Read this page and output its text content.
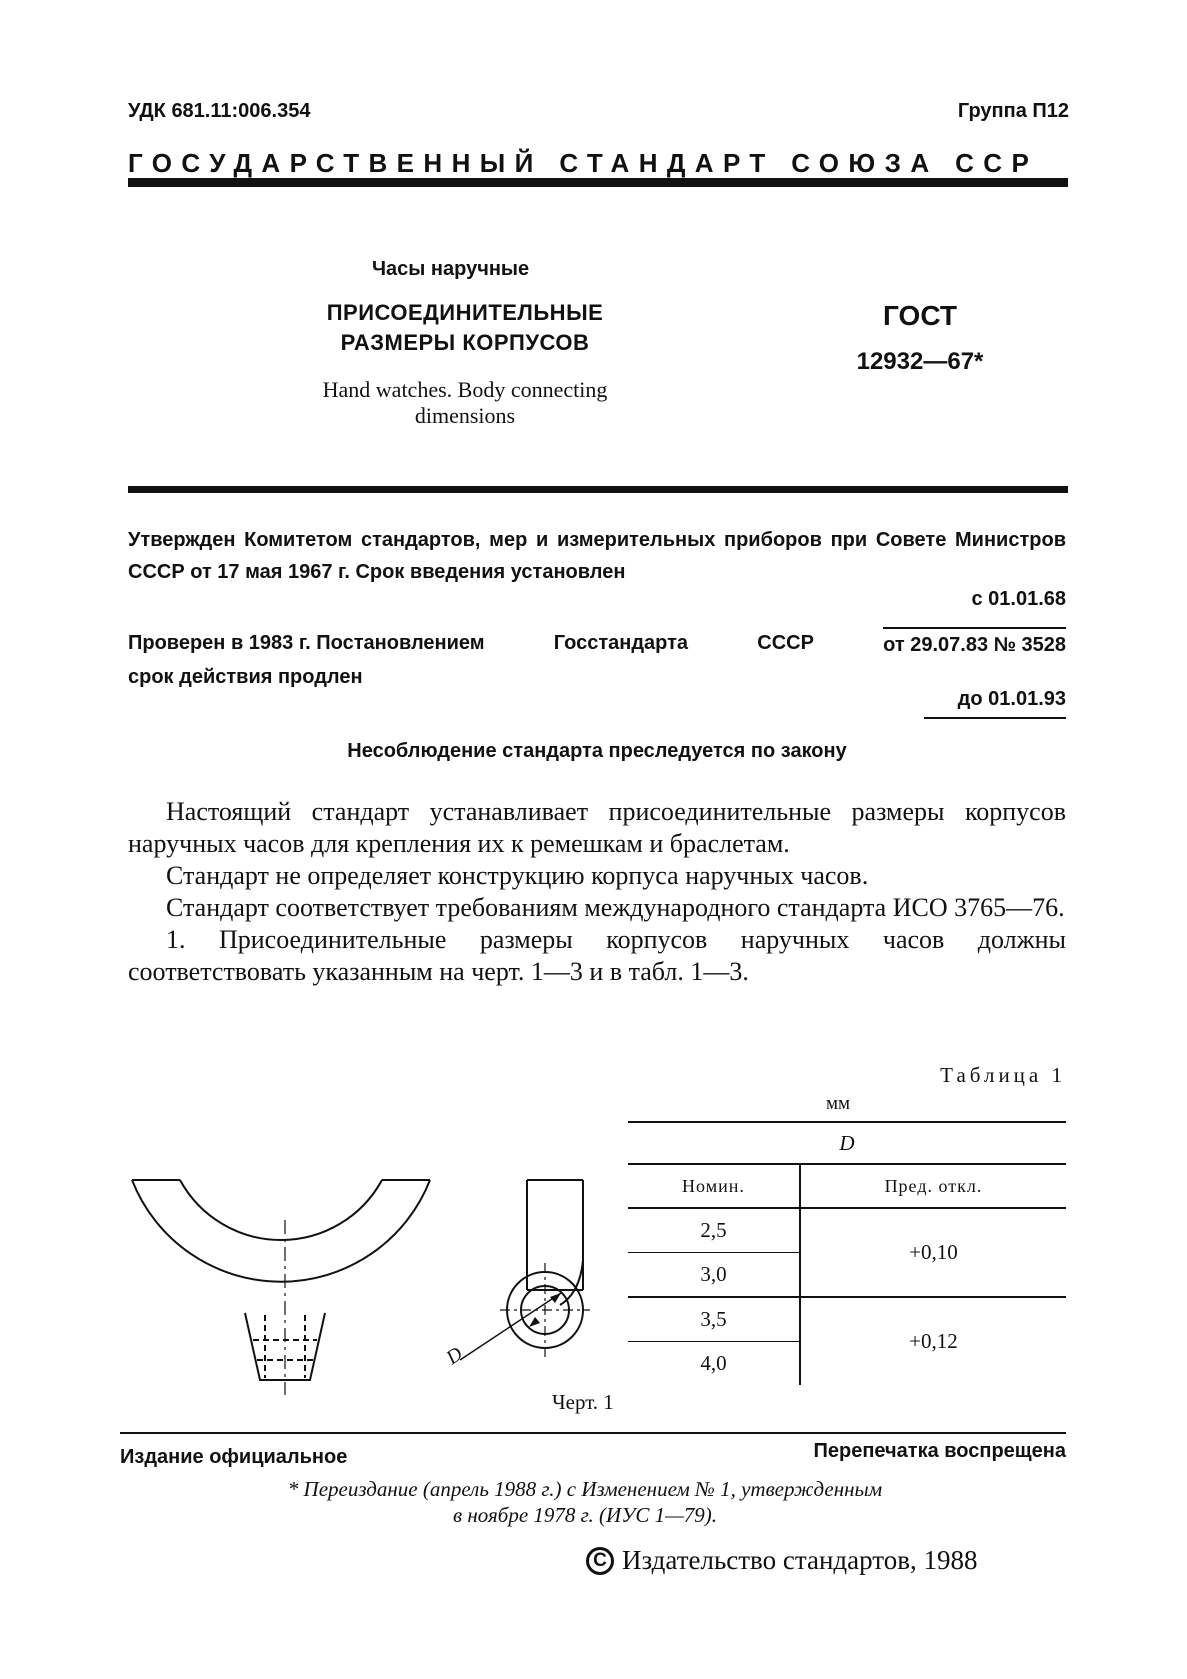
УДК 681.11:006.354	Группа П12
ГОСУДАРСТВЕННЫЙ СТАНДАРТ СОЮЗА ССР
Часы наручные
ПРИСОЕДИНИТЕЛЬНЫЕ
РАЗМЕРЫ КОРПУСОВ
Hand watches. Body connecting
dimensions
ГОСТ
12932—67*
Утвержден Комитетом стандартов, мер и измерительных приборов при Совете Министров СССР от 17 мая 1967 г. Срок введения установлен
с 01.01.68
Проверен в 1983 г. Постановлением	Госстандарта	СССР	от 29.07.83 № 3528
срок действия продлен
до 01.01.93
Несоблюдение стандарта преследуется по закону

Настоящий стандарт устанавливает присоединительные размеры корпусов наручных часов для крепления их к ремешкам и браслетам.

Стандарт не определяет конструкцию корпуса наручных часов.

Стандарт соответствует требованиям международного стандарта ИСО 3765—76.

1. Присоединительные размеры корпусов наручных часов должны соответствовать указанным на черт. 1—3 и в табл. 1—3.

D
Черт. 1
Таблица 1
мм
D	
Номин.	Пред. откл.
2,5	+0,10
3,0	
3,5	+0,12
4,0	
Издание официальное	Перепечатка воспрещена
* Переиздание (апрель 1988 г.) с Изменением № 1, утвержденным
в ноябре 1978 г. (ИУС 1—79).
C Издательство стандартов, 1988
